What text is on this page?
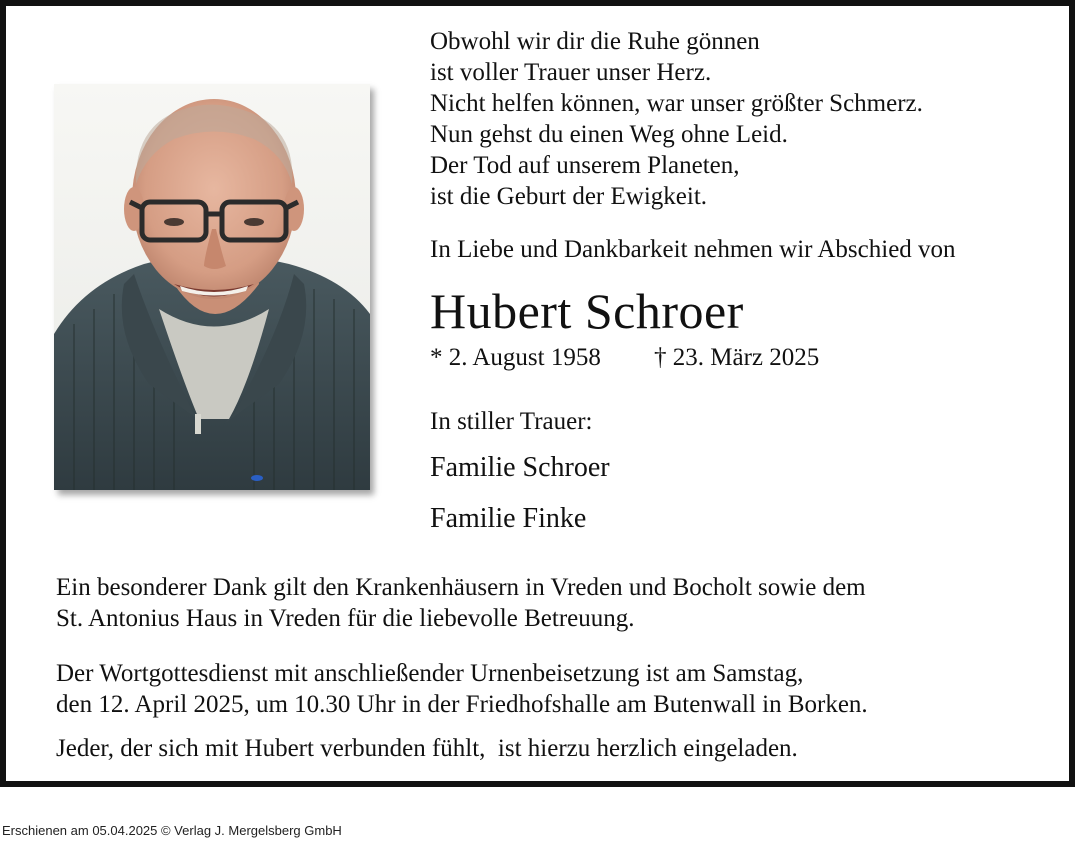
Obwohl wir dir die Ruhe gönnen
ist voller Trauer unser Herz.
Nicht helfen können, war unser größter Schmerz.
Nun gehst du einen Weg ohne Leid.
Der Tod auf unserem Planeten,
ist die Geburt der Ewigkeit.
In Liebe und Dankbarkeit nehmen wir Abschied von
Hubert Schroer
* 2. August 1958 † 23. März 2025
In stiller Trauer:
Familie Schroer
Familie Finke
Ein besonderer Dank gilt den Krankenhäusern in Vreden und Bocholt sowie dem
St. Antonius Haus in Vreden für die liebevolle Betreuung.
Der Wortgottesdienst mit anschließender Urnenbeisetzung ist am Samstag,
den 12. April 2025, um 10.30 Uhr in der Friedhofshalle am Butenwall in Borken.
Jeder, der sich mit Hubert verbunden fühlt,  ist hierzu herzlich eingeladen.
Erschienen am 05.04.2025 © Verlag J. Mergelsberg GmbH
